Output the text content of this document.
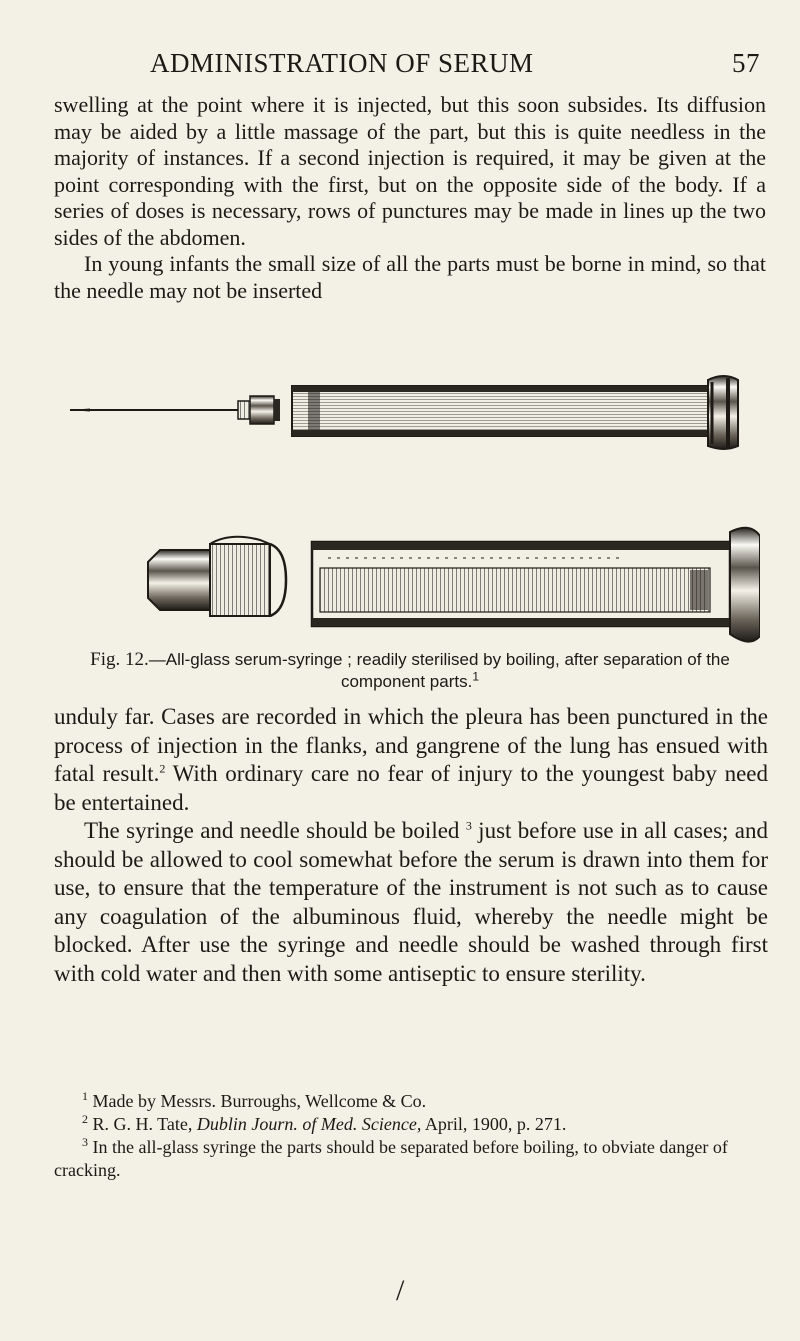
ADMINISTRATION OF SERUM	57

swelling at the point where it is injected, but this soon subsides. Its diffusion may be aided by a little massage of the part, but this is quite needless in the majority of instances. If a second injection is required, it may be given at the point corresponding with the first, but on the opposite side of the body. If a series of doses is necessary, rows of punctures may be made in lines up the two sides of the abdomen.

In young infants the small size of all the parts must be borne in mind, so that the needle may not be inserted

Fig. 12.—All-glass serum-syringe ; readily sterilised by boiling, after separation of the component parts.$^1$

unduly far. Cases are recorded in which the pleura has been punctured in the process of injection in the flanks, and gangrene of the lung has ensued with fatal result.$^2$ With ordinary care no fear of injury to the youngest baby need be entertained.

The syringe and needle should be boiled $^3$ just before use in all cases; and should be allowed to cool somewhat before the serum is drawn into them for use, to ensure that the temperature of the instrument is not such as to cause any coagulation of the albuminous fluid, whereby the needle might be blocked. After use the syringe and needle should be washed through first with cold water and then with some antiseptic to ensure sterility.

$^1$ Made by Messrs. Burroughs, Wellcome & Co.

$^2$ R. G. H. Tate, Dublin Journ. of Med. Science, April, 1900, p. 271.

$^3$ In the all-glass syringe the parts should be separated before boiling, to obviate danger of cracking.

/
